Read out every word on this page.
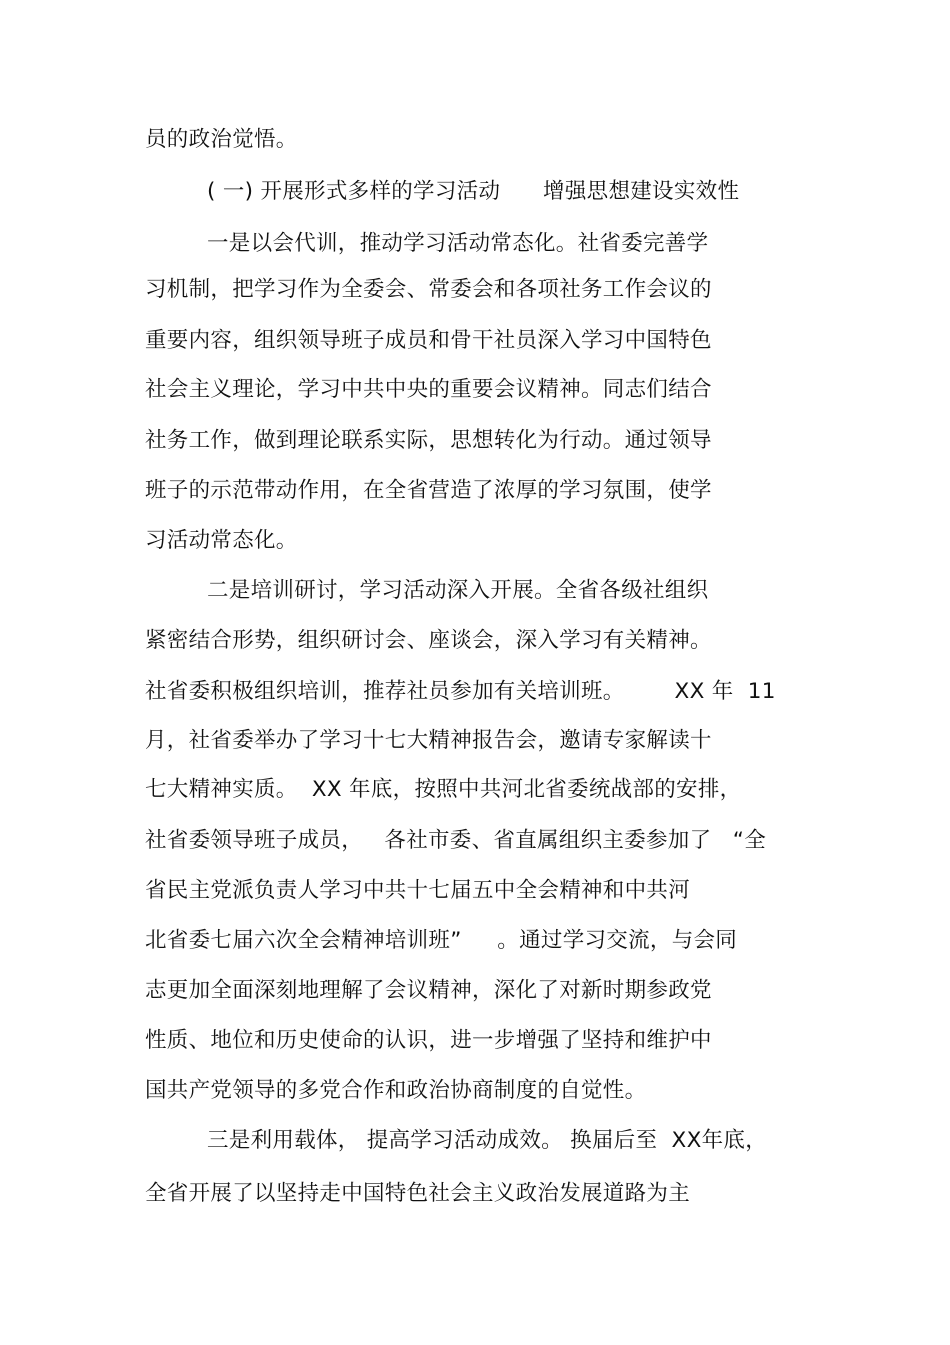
员的政治觉悟。
( 一) 开展形式多样的学习活动      增强思想建设实效性
一是以会代训，推动学习活动常态化。社省委完善学
习机制，把学习作为全委会、常委会和各项社务工作会议的
重要内容，组织领导班子成员和骨干社员深入学习中国特色
社会主义理论，学习中共中央的重要会议精神。同志们结合
社务工作，做到理论联系实际，思想转化为行动。通过领导
班子的示范带动作用，在全省营造了浓厚的学习氛围，使学
习活动常态化。
二是培训研讨，学习活动深入开展。全省各级社组织
紧密结合形势，组织研讨会、座谈会，深入学习有关精神。
社省委积极组织培训，推荐社员参加有关培训班。       XX 年  11
月，社省委举办了学习十七大精神报告会，邀请专家解读十
七大精神实质。  XX 年底，按照中共河北省委统战部的安排，
社省委领导班子成员，   各社市委、省直属组织主委参加了   “全
省民主党派负责人学习中共十七届五中全会精神和中共河
北省委七届六次全会精神培训班”     。通过学习交流，与会同
志更加全面深刻地理解了会议精神，深化了对新时期参政党
性质、地位和历史使命的认识，进一步增强了坚持和维护中
国共产党领导的多党合作和政治协商制度的自觉性。
三是利用载体， 提高学习活动成效。 换届后至  XX年底，
全省开展了以坚持走中国特色社会主义政治发展道路为主
